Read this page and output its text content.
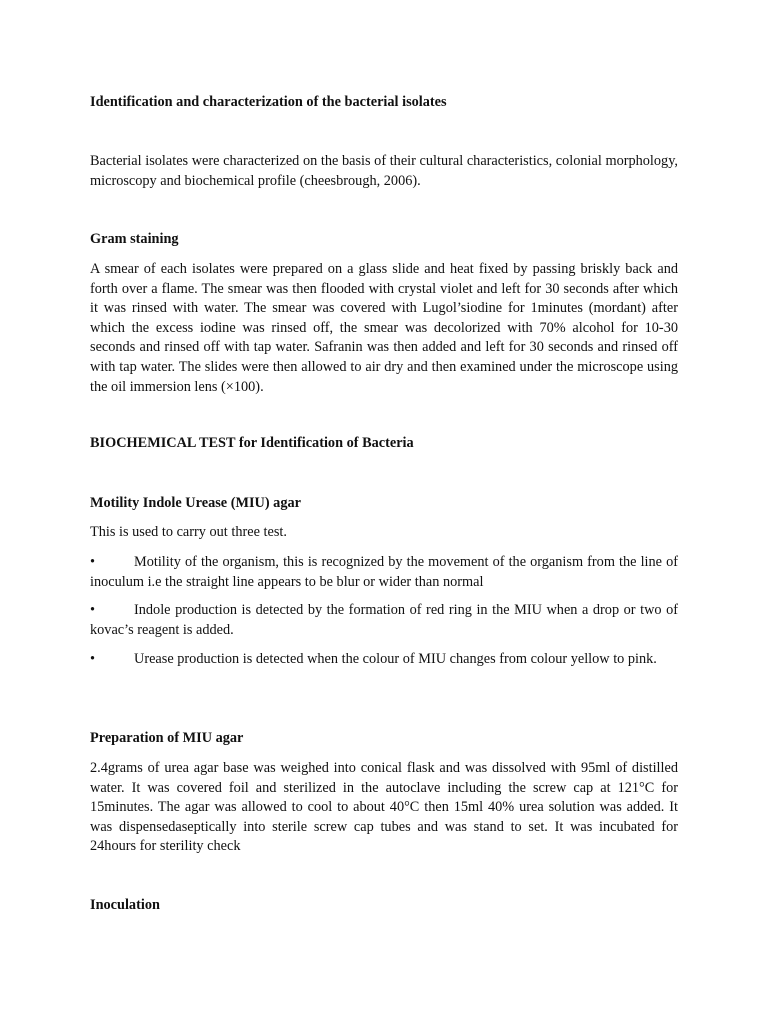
Identification and characterization of the bacterial isolates

Bacterial isolates were characterized on the basis of their cultural characteristics, colonial morphology, microscopy and biochemical profile (cheesbrough, 2006).

Gram staining

A smear of each isolates were prepared on a glass slide and heat fixed by passing briskly back and forth over a flame. The smear was then flooded with crystal violet and left for 30 seconds after which it was rinsed with water. The smear was covered with Lugol’siodine for 1minutes (mordant) after which the excess iodine was rinsed off, the smear was decolorized with 70% alcohol for 10-30 seconds and rinsed off with tap water. Safranin was then added and left for 30 seconds and rinsed off with tap water. The slides were then allowed to air dry and then examined under the microscope using the oil immersion lens (×100).

BIOCHEMICAL TEST for Identification of Bacteria

Motility Indole Urease (MIU) agar

This is used to carry out three test.

•	Motility of the organism, this is recognized by the movement of the organism from the line of inoculum i.e the straight line appears to be blur or wider than normal

•	Indole production is detected by the formation of red ring in the MIU when a drop or two of kovac’s reagent is added.

•	Urease production is detected when the colour of MIU changes from colour yellow to pink.

Preparation of MIU agar

2.4grams of urea agar base was weighed into conical flask and was dissolved with 95ml of distilled water. It was covered foil and sterilized in the autoclave including the screw cap at 121°C for 15minutes. The agar was allowed to cool to about 40°C then 15ml 40% urea solution was added. It was dispensedaseptically into sterile screw cap tubes and was stand to set. It was incubated for 24hours for sterility check

Inoculation
